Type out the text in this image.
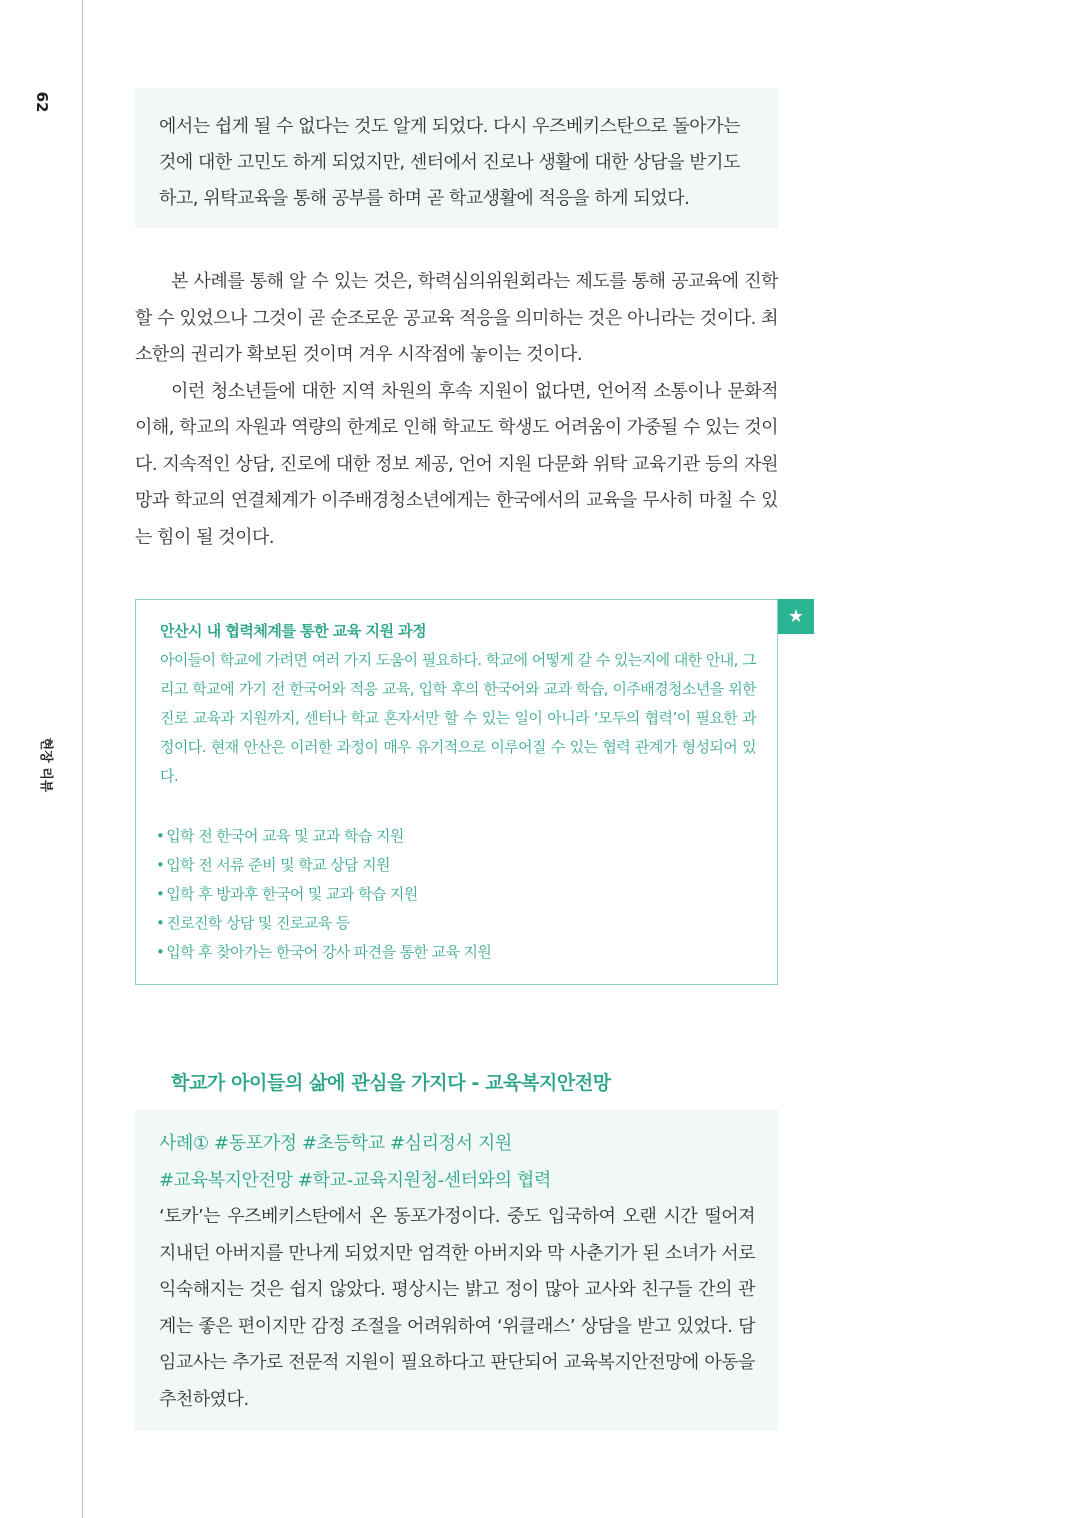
62
현장 리뷰

에서는 쉽게 될 수 없다는 것도 알게 되었다. 다시 우즈베키스탄으로 돌아가는 것에 대한 고민도 하게 되었지만, 센터에서 진로나 생활에 대한 상담을 받기도 하고, 위탁교육을 통해 공부를 하며 곧 학교생활에 적응을 하게 되었다.

본 사례를 통해 알 수 있는 것은, 학력심의위원회라는 제도를 통해 공교육에 진학할 수 있었으나 그것이 곧 순조로운 공교육 적응을 의미하는 것은 아니라는 것이다. 최소한의 권리가 확보된 것이며 겨우 시작점에 놓이는 것이다.

이런 청소년들에 대한 지역 차원의 후속 지원이 없다면, 언어적 소통이나 문화적 이해, 학교의 자원과 역량의 한계로 인해 학교도 학생도 어려움이 가중될 수 있는 것이다. 지속적인 상담, 진로에 대한 정보 제공, 언어 지원 다문화 위탁 교육기관 등의 자원망과 학교의 연결체계가 이주배경청소년에게는 한국에서의 교육을 무사히 마칠 수 있는 힘이 될 것이다.

안산시 내 협력체계를 통한 교육 지원 과정

아이들이 학교에 가려면 여러 가지 도움이 필요하다. 학교에 어떻게 갈 수 있는지에 대한 안내, 그리고 학교에 가기 전 한국어와 적응 교육, 입학 후의 한국어와 교과 학습, 이주배경청소년을 위한 진로 교육과 지원까지, 센터나 학교 혼자서만 할 수 있는 일이 아니라 ‘모두의 협력’이 필요한 과정이다. 현재 안산은 이러한 과정이 매우 유기적으로 이루어질 수 있는 협력 관계가 형성되어 있다.

• 입학 전 한국어 교육 및 교과 학습 지원
• 입학 전 서류 준비 및 학교 상담 지원
• 입학 후 방과후 한국어 및 교과 학습 지원
• 진로진학 상담 및 진로교육 등
• 입학 후 찾아가는 한국어 강사 파견을 통한 교육 지원
★
학교가 아이들의 삶에 관심을 가지다 - 교육복지안전망
사례① #동포가정 #초등학교 #심리정서 지원
#교육복지안전망 #학교-교육지원청-센터와의 협력

‘토카’는 우즈베키스탄에서 온 동포가정이다. 중도 입국하여 오랜 시간 떨어져 지내던 아버지를 만나게 되었지만 엄격한 아버지와 막 사춘기가 된 소녀가 서로 익숙해지는 것은 쉽지 않았다. 평상시는 밝고 정이 많아 교사와 친구들 간의 관계는 좋은 편이지만 감정 조절을 어려워하여 ‘위클래스’ 상담을 받고 있었다. 담임교사는 추가로 전문적 지원이 필요하다고 판단되어 교육복지안전망에 아동을 추천하였다.
